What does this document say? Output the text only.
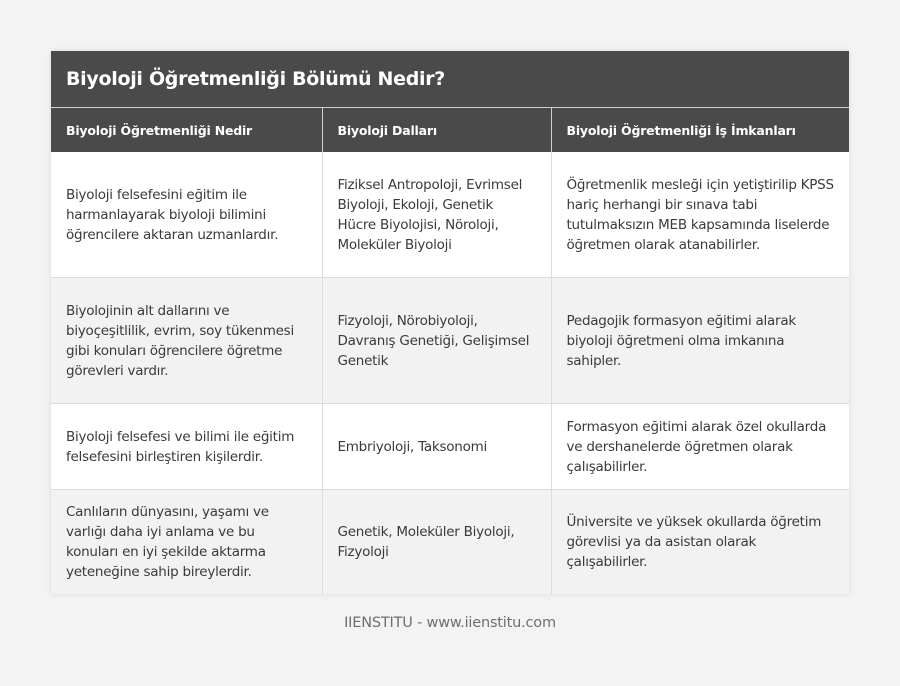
Biyoloji Öğretmenliği Bölümü Nedir?
Biyoloji Öğretmenliği Nedir	Biyoloji Dalları	Biyoloji Öğretmenliği İş İmkanları
Biyoloji felsefesini eğitim ile harmanlayarak biyoloji bilimini öğrencilere aktaran uzmanlardır.	Fiziksel Antropoloji, Evrimsel Biyoloji, Ekoloji, Genetik Hücre Biyolojisi, Nöroloji, Moleküler Biyoloji	Öğretmenlik mesleği için yetiştirilip KPSS hariç herhangi bir sınava tabi tutulmaksızın MEB kapsamında liselerde öğretmen olarak atanabilirler.
Biyolojinin alt dallarını ve biyoçeşitlilik, evrim, soy tükenmesi gibi konuları öğrencilere öğretme görevleri vardır.	Fizyoloji, Nörobiyoloji, Davranış Genetiği, Gelişimsel Genetik	Pedagojik formasyon eğitimi alarak biyoloji öğretmeni olma imkanına sahipler.
Biyoloji felsefesi ve bilimi ile eğitim felsefesini birleştiren kişilerdir.	Embriyoloji, Taksonomi	Formasyon eğitimi alarak özel okullarda ve dershanelerde öğretmen olarak çalışabilirler.
Canlıların dünyasını, yaşamı ve varlığı daha iyi anlama ve bu konuları en iyi şekilde aktarma yeteneğine sahip bireylerdir.	Genetik, Moleküler Biyoloji, Fizyoloji	Üniversite ve yüksek okullarda öğretim görevlisi ya da asistan olarak çalışabilirler.
IIENSTITU - www.iienstitu.com
